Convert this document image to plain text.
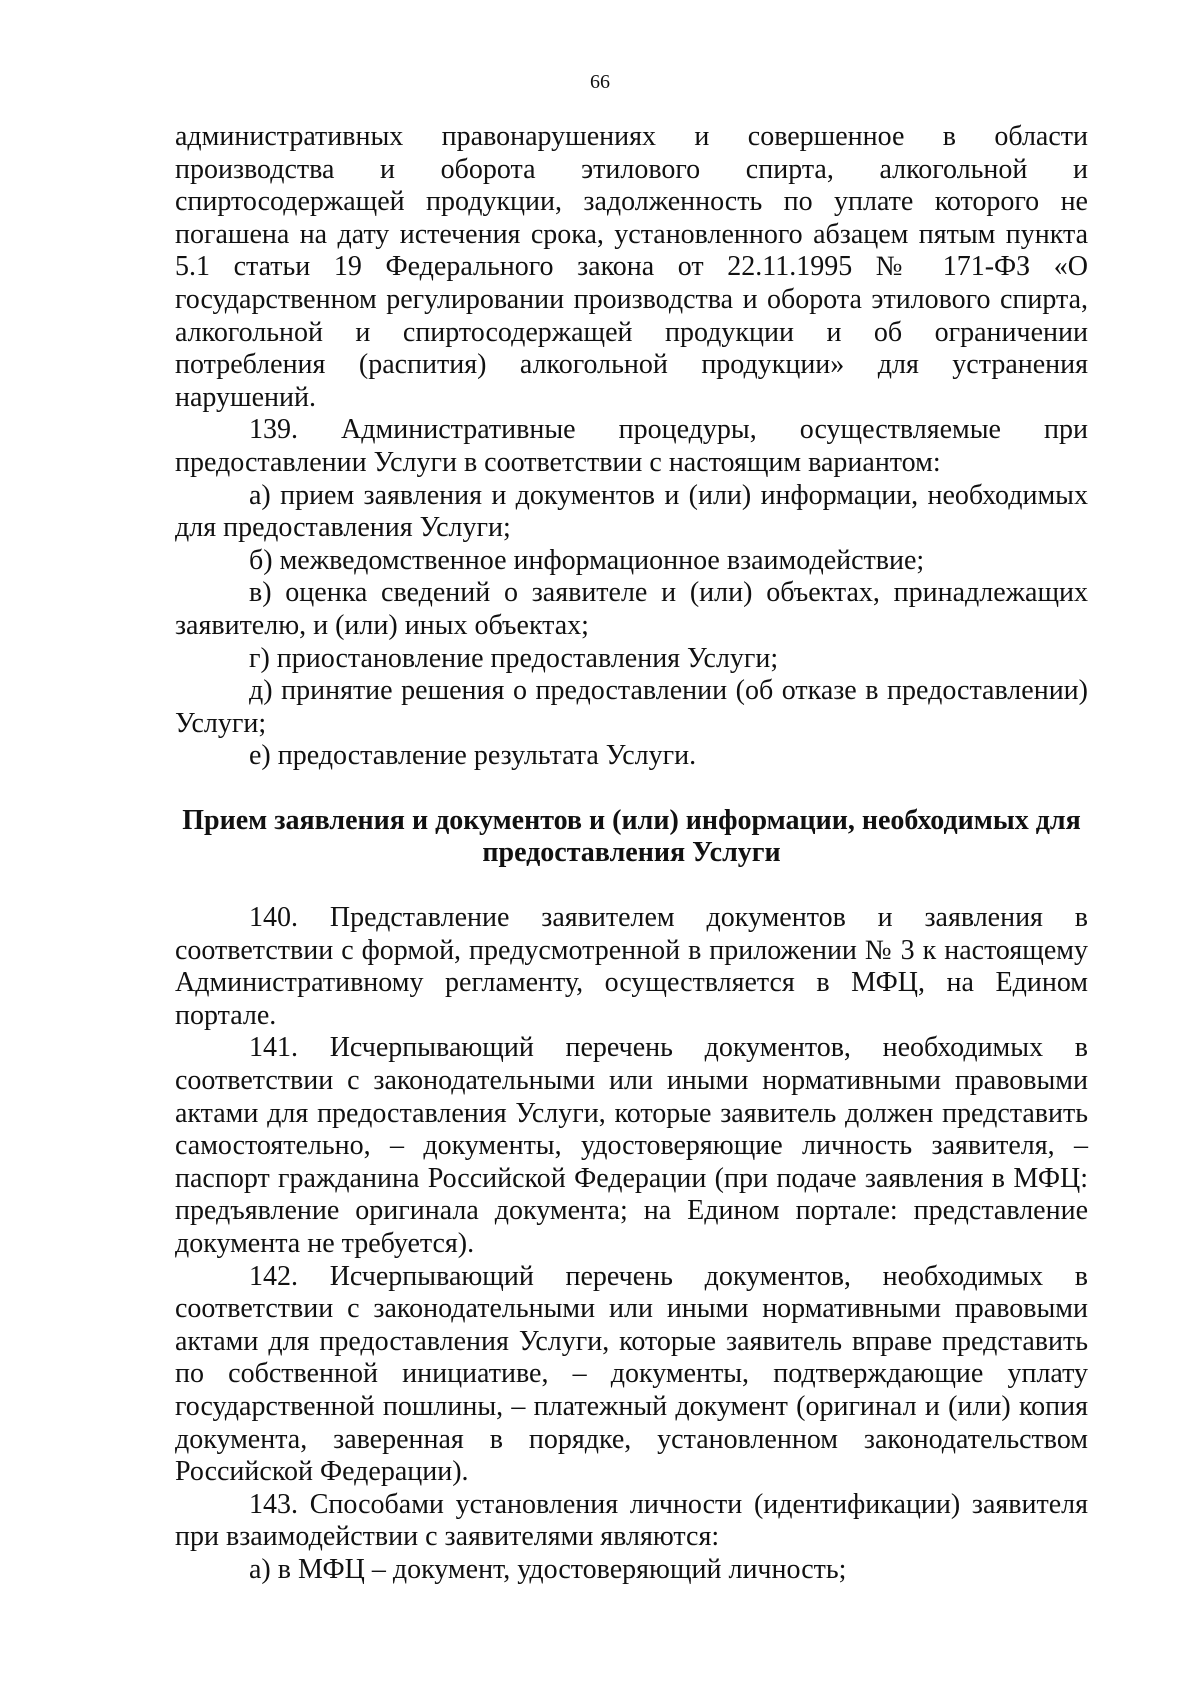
66

административных правонарушениях и совершенное в области производства и оборота этилового спирта, алкогольной и спиртосодержащей продукции, задолженность по уплате которого не погашена на дату истечения срока, установленного абзацем пятым пункта 5.1 статьи 19 Федерального закона от 22.11.1995 № 171-ФЗ «О государственном регулировании производства и оборота этилового спирта, алкогольной и спиртосодержащей продукции и об ограничении потребления (распития) алкогольной продукции» для устранения нарушений.

139. Административные процедуры, осуществляемые при предоставлении Услуги в соответствии с настоящим вариантом:

а) прием заявления и документов и (или) информации, необходимых для предоставления Услуги;

б) межведомственное информационное взаимодействие;

в) оценка сведений о заявителе и (или) объектах, принадлежащих заявителю, и (или) иных объектах;

г) приостановление предоставления Услуги;

д) принятие решения о предоставлении (об отказе в предоставлении) Услуги;

е) предоставление результата Услуги.

Прием заявления и документов и (или) информации, необходимых для предоставления Услуги

140. Представление заявителем документов и заявления в соответствии с формой, предусмотренной в приложении № 3 к настоящему Административному регламенту, осуществляется в МФЦ, на Едином портале.

141. Исчерпывающий перечень документов, необходимых в соответствии с законодательными или иными нормативными правовыми актами для предоставления Услуги, которые заявитель должен представить самостоятельно, – документы, удостоверяющие личность заявителя, – паспорт гражданина Российской Федерации (при подаче заявления в МФЦ: предъявление оригинала документа; на Едином портале: представление документа не требуется).

142. Исчерпывающий перечень документов, необходимых в соответствии с законодательными или иными нормативными правовыми актами для предоставления Услуги, которые заявитель вправе представить по собственной инициативе, – документы, подтверждающие уплату государственной пошлины, – платежный документ (оригинал и (или) копия документа, заверенная в порядке, установленном законодательством Российской Федерации).

143. Способами установления личности (идентификации) заявителя при взаимодействии с заявителями являются:

а) в МФЦ – документ, удостоверяющий личность;
